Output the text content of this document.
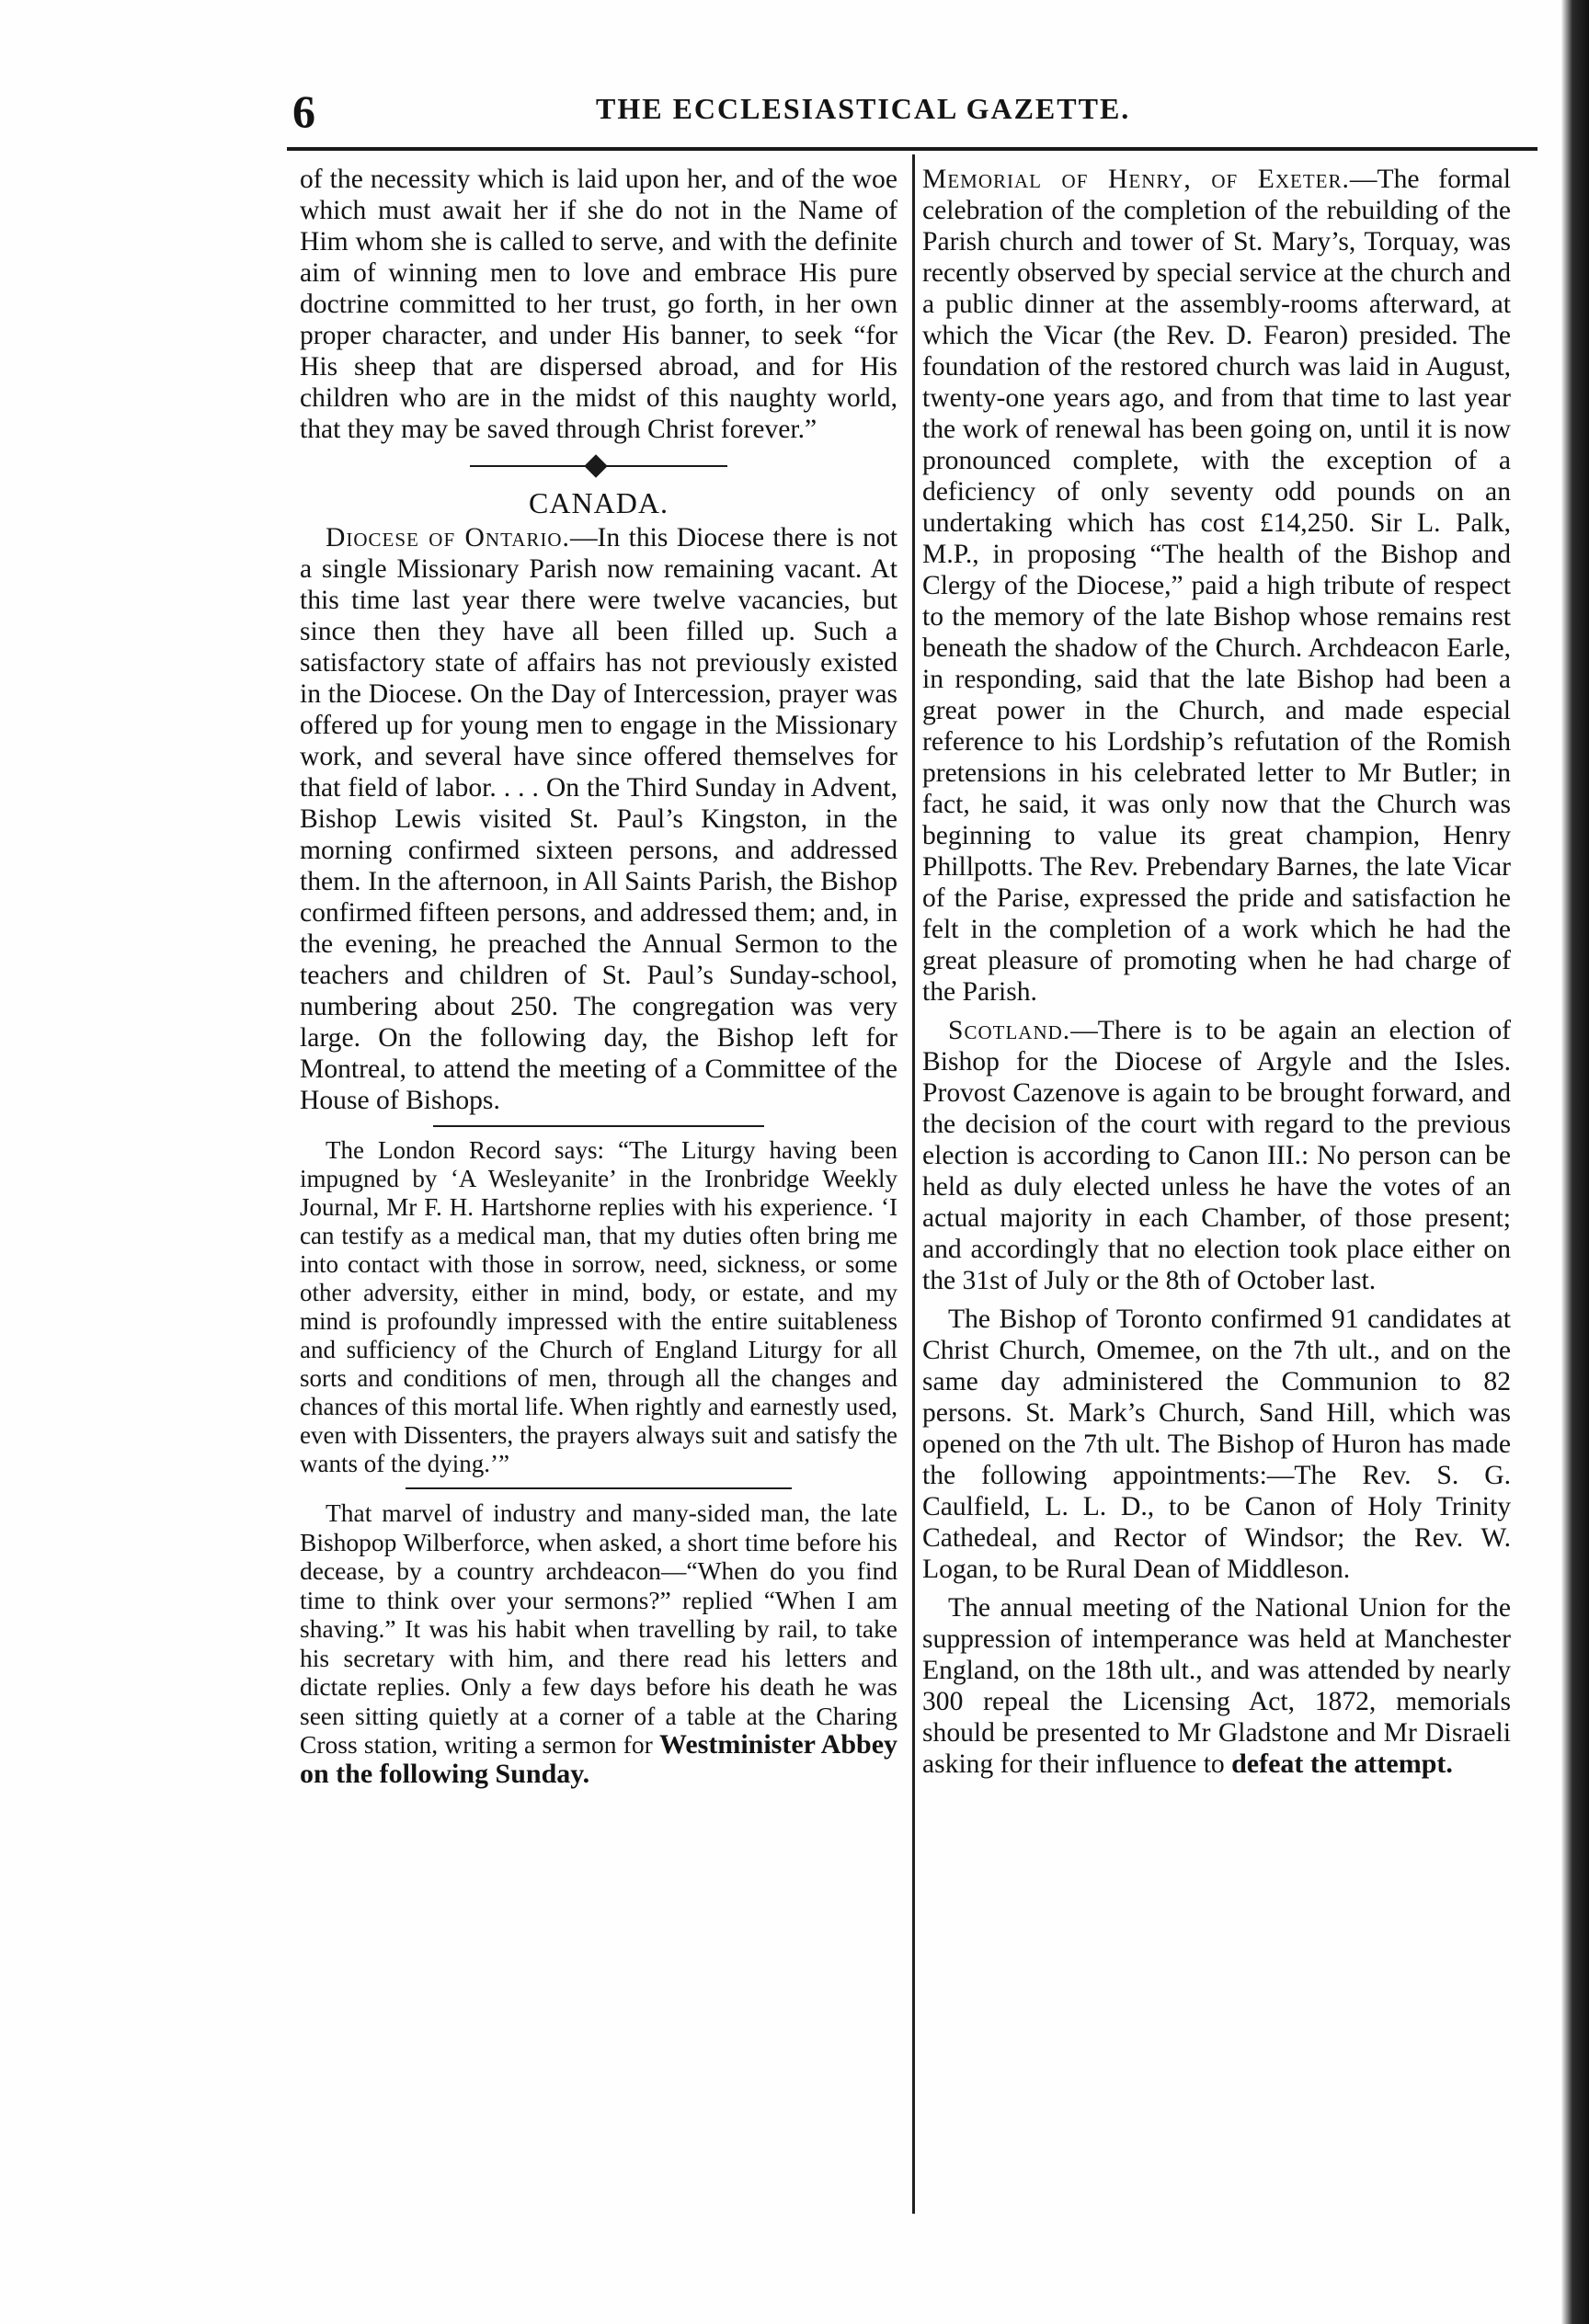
6	THE ECCLESIASTICAL GAZETTE.

of the necessity which is laid upon her, and of the woe which must await her if she do not in the Name of Him whom she is called to serve, and with the definite aim of winning men to love and embrace His pure doctrine committed to her trust, go forth, in her own proper character, and under His banner, to seek “for His sheep that are dispersed abroad, and for His children who are in the midst of this naughty world, that they may be saved through Christ forever.”

CANADA.

Diocese of Ontario.—In this Diocese there is not a single Missionary Parish now remaining vacant. At this time last year there were twelve vacancies, but since then they have all been filled up. Such a satisfactory state of affairs has not previously existed in the Diocese. On the Day of Intercession, prayer was offered up for young men to engage in the Missionary work, and several have since offered themselves for that field of labor. . . . On the Third Sunday in Advent, Bishop Lewis visited St. Paul’s Kingston, in the morning confirmed sixteen persons, and addressed them. In the afternoon, in All Saints Parish, the Bishop confirmed fifteen persons, and addressed them; and, in the evening, he preached the Annual Sermon to the teachers and children of St. Paul’s Sunday-school, numbering about 250. The congregation was very large. On the following day, the Bishop left for Montreal, to attend the meeting of a Committee of the House of Bishops.

The London Record says: “The Liturgy having been impugned by ‘A Wesleyanite’ in the Ironbridge Weekly Journal, Mr F. H. Hartshorne replies with his experience. ‘I can testify as a medical man, that my duties often bring me into contact with those in sorrow, need, sickness, or some other adversity, either in mind, body, or estate, and my mind is profoundly impressed with the entire suitableness and sufficiency of the Church of England Liturgy for all sorts and conditions of men, through all the changes and chances of this mortal life. When rightly and earnestly used, even with Dissenters, the prayers always suit and satisfy the wants of the dying.’”

That marvel of industry and many-sided man, the late Bishopop Wilberforce, when asked, a short time before his decease, by a country archdeacon—“When do you find time to think over your sermons?” replied “When I am shaving.” It was his habit when travelling by rail, to take his secretary with him, and there read his letters and dictate replies. Only a few days before his death he was seen sitting quietly at a corner of a table at the Charing Cross station, writing a sermon for Westminister Abbey on the following Sunday.

Memorial of Henry, of Exeter.—The formal celebration of the completion of the rebuilding of the Parish church and tower of St. Mary’s, Torquay, was recently observed by special service at the church and a public dinner at the assembly-rooms afterward, at which the Vicar (the Rev. D. Fearon) presided. The foundation of the restored church was laid in August, twenty-one years ago, and from that time to last year the work of renewal has been going on, until it is now pronounced complete, with the exception of a deficiency of only seventy odd pounds on an undertaking which has cost £14,250. Sir L. Palk, M.P., in proposing “The health of the Bishop and Clergy of the Diocese,” paid a high tribute of respect to the memory of the late Bishop whose remains rest beneath the shadow of the Church. Archdeacon Earle, in responding, said that the late Bishop had been a great power in the Church, and made especial reference to his Lordship’s refutation of the Romish pretensions in his celebrated letter to Mr Butler; in fact, he said, it was only now that the Church was beginning to value its great champion, Henry Phillpotts. The Rev. Prebendary Barnes, the late Vicar of the Parise, expressed the pride and satisfaction he felt in the completion of a work which he had the great pleasure of promoting when he had charge of the Parish.

Scotland.—There is to be again an election of Bishop for the Diocese of Argyle and the Isles. Provost Cazenove is again to be brought forward, and the decision of the court with regard to the previous election is according to Canon III.: No person can be held as duly elected unless he have the votes of an actual majority in each Chamber, of those present; and accordingly that no election took place either on the 31st of July or the 8th of October last.

The Bishop of Toronto confirmed 91 candidates at Christ Church, Omemee, on the 7th ult., and on the same day administered the Communion to 82 persons. St. Mark’s Church, Sand Hill, which was opened on the 7th ult. The Bishop of Huron has made the following appointments:—The Rev. S. G. Caulfield, L. L. D., to be Canon of Holy Trinity Cathedeal, and Rector of Windsor; the Rev. W. Logan, to be Rural Dean of Middleson.

The annual meeting of the National Union for the suppression of intemperance was held at Manchester England, on the 18th ult., and was attended by nearly 300 repeal the Licensing Act, 1872, memorials should be presented to Mr Gladstone and Mr Disraeli asking for their influence to defeat the attempt.
